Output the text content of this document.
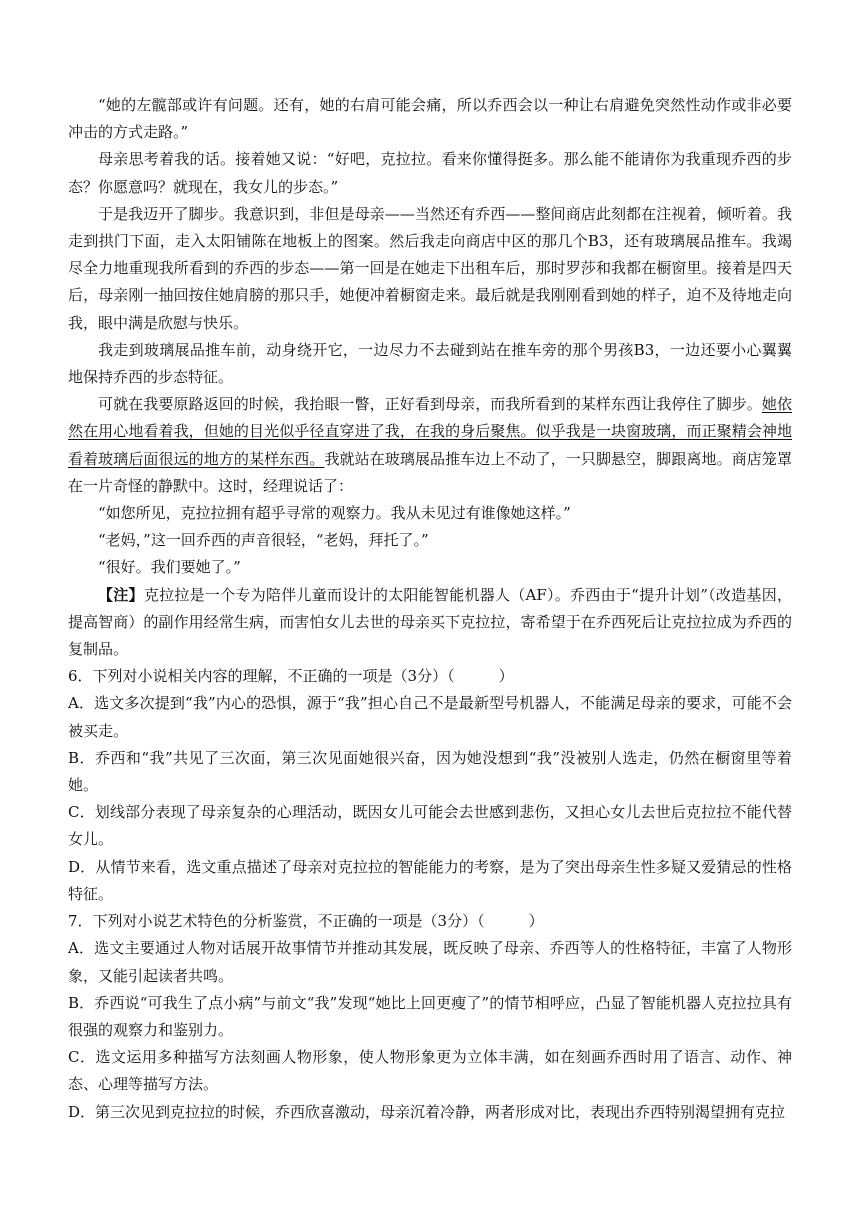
“她的左髋部或许有问题。还有，她的右肩可能会痛，所以乔西会以一种让右肩避免突然性动作或非必要冲击的方式走路。”

母亲思考着我的话。接着她又说：“好吧，克拉拉。看来你懂得挺多。那么能不能请你为我重现乔西的步态？你愿意吗？就现在，我女儿的步态。”

于是我迈开了脚步。我意识到，非但是母亲——当然还有乔西——整间商店此刻都在注视着，倾听着。我走到拱门下面，走入太阳铺陈在地板上的图案。然后我走向商店中区的那几个B3，还有玻璃展品推车。我竭尽全力地重现我所看到的乔西的步态——第一回是在她走下出租车后，那时罗莎和我都在橱窗里。接着是四天后，母亲刚一抽回按住她肩膀的那只手，她便冲着橱窗走来。最后就是我刚刚看到她的样子，迫不及待地走向我，眼中满是欣慰与快乐。

我走到玻璃展品推车前，动身绕开它，一边尽力不去碰到站在推车旁的那个男孩B3，一边还要小心翼翼地保持乔西的步态特征。

可就在我要原路返回的时候，我抬眼一瞥，正好看到母亲，而我所看到的某样东西让我停住了脚步。她依然在用心地看着我，但她的目光似乎径直穿进了我，在我的身后聚焦。似乎我是一块窗玻璃，而正聚精会神地看着玻璃后面很远的地方的某样东西。我就站在玻璃展品推车边上不动了，一只脚悬空，脚跟离地。商店笼罩在一片奇怪的静默中。这时，经理说话了：

“如您所见，克拉拉拥有超乎寻常的观察力。我从未见过有谁像她这样。”

“老妈，”这一回乔西的声音很轻，“老妈，拜托了。”

“很好。我们要她了。”

【注】克拉拉是一个专为陪伴儿童而设计的太阳能智能机器人（AF）。乔西由于“提升计划”（改造基因，提高智商）的副作用经常生病，而害怕女儿去世的母亲买下克拉拉，寄希望于在乔西死后让克拉拉成为乔西的复制品。

6．下列对小说相关内容的理解，不正确的一项是（3分）（	）

A．选文多次提到“我”内心的恐惧，源于“我”担心自己不是最新型号机器人，不能满足母亲的要求，可能不会被买走。

B．乔西和“我”共见了三次面，第三次见面她很兴奋，因为她没想到“我”没被别人选走，仍然在橱窗里等着她。

C．划线部分表现了母亲复杂的心理活动，既因女儿可能会去世感到悲伤，又担心女儿去世后克拉拉不能代替女儿。

D．从情节来看，选文重点描述了母亲对克拉拉的智能能力的考察，是为了突出母亲生性多疑又爱猜忌的性格特征。

7．下列对小说艺术特色的分析鉴赏，不正确的一项是（3分）（	）

A．选文主要通过人物对话展开故事情节并推动其发展，既反映了母亲、乔西等人的性格特征，丰富了人物形象，又能引起读者共鸣。

B．乔西说“可我生了点小病”与前文“我”发现“她比上回更瘦了”的情节相呼应，凸显了智能机器人克拉拉具有很强的观察力和鉴别力。

C．选文运用多种描写方法刻画人物形象，使人物形象更为立体丰满，如在刻画乔西时用了语言、动作、神态、心理等描写方法。

D．第三次见到克拉拉的时候，乔西欣喜激动，母亲沉着冷静，两者形成对比，表现出乔西特别渴望拥有克拉
